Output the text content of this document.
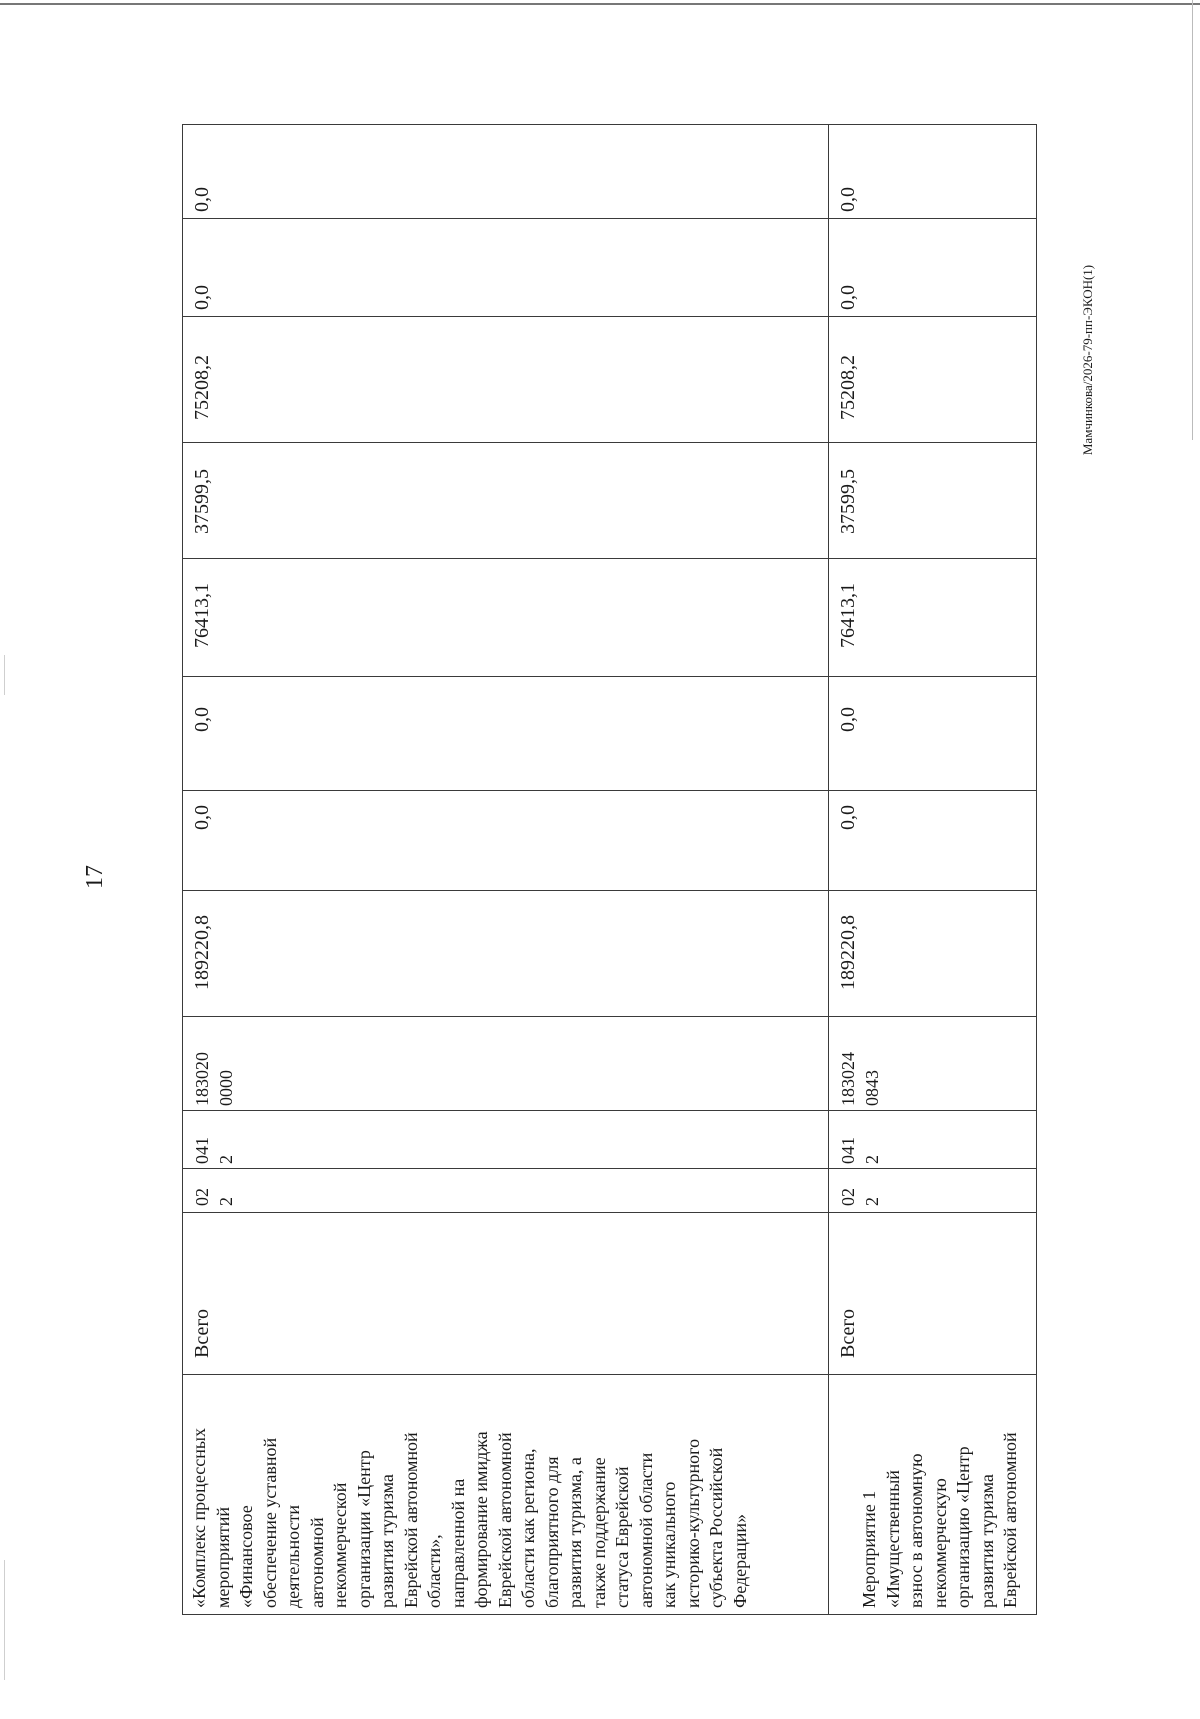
17
Мамчинкова/2026-79-пп-ЭКОН(1)
0,0
0,0
75208,2
37599,5
76413,1
0,0
0,0
189220,8
183020 0000
041 2
02 2
Всего
«Комплекс процессных мероприятий «Финансовое обеспечение уставной деятельности автономной некоммерческой организации «Центр развития туризма Еврейской автономной области», направленной на формирование имиджа Еврейской автономной области как региона, благоприятного для развития туризма, а также поддержание статуса Еврейской автономной области как уникального историко-культурного субъекта Российской Федерации»
0,0
0,0
75208,2
37599,5
76413,1
0,0
0,0
189220,8
183024 0843
041 2
02 2
Всего
Мероприятие 1 «Имущественный взнос в автономную некоммерческую организацию «Центр развития туризма Еврейской автономной
